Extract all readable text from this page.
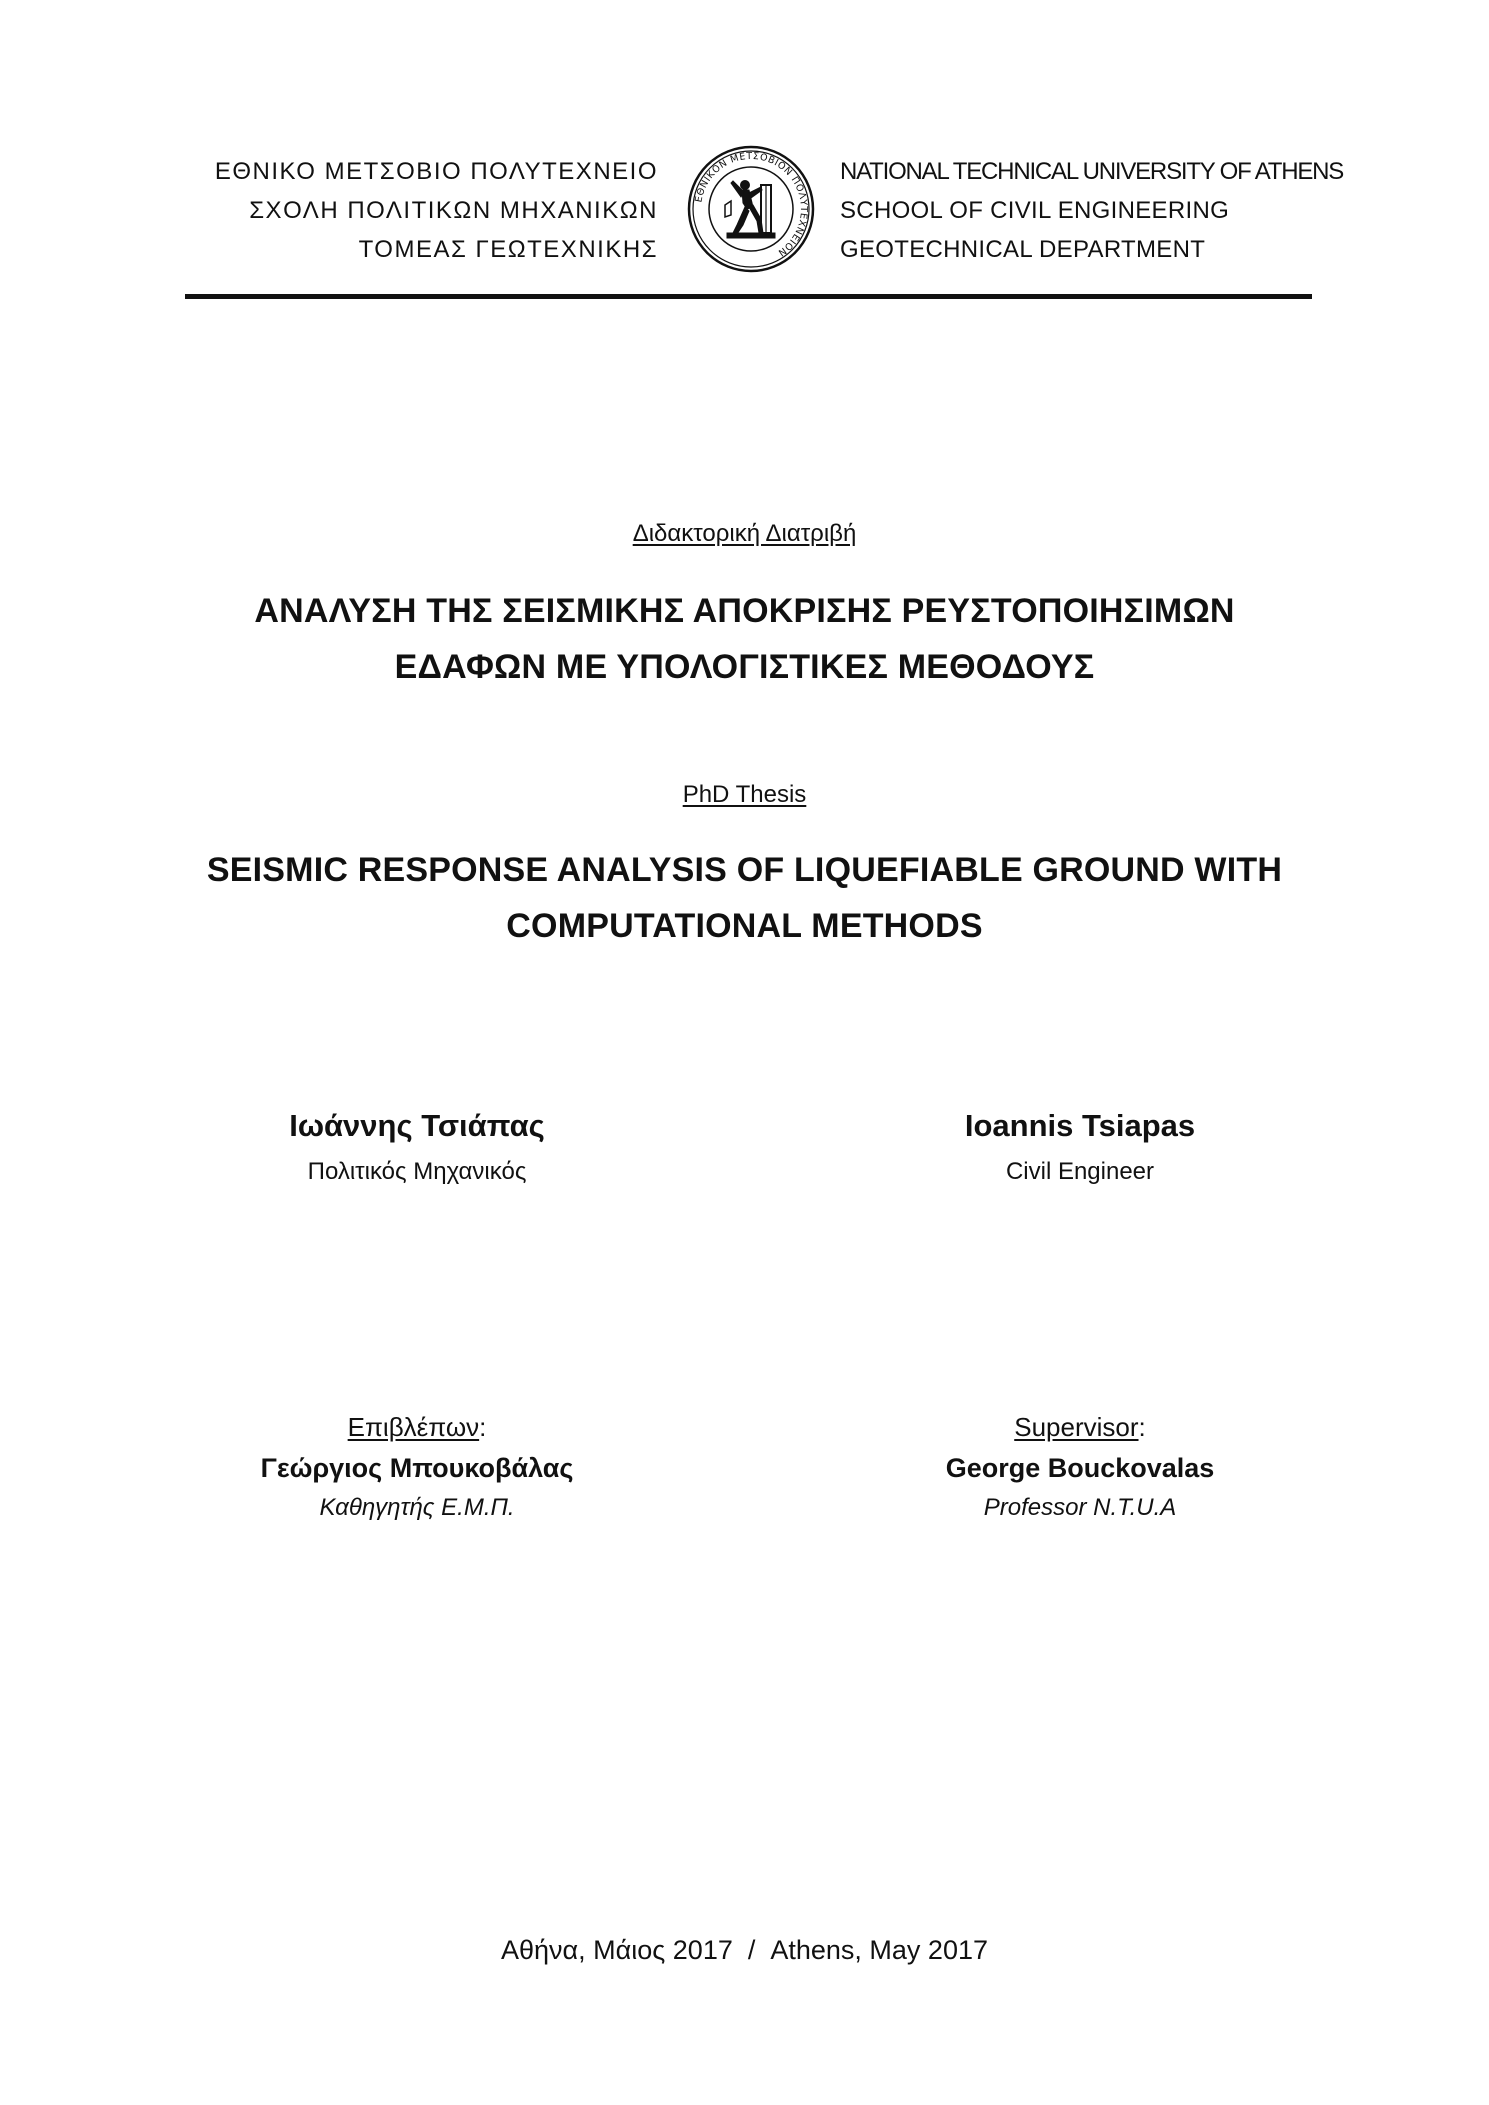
ΕΘΝΙΚΟ ΜΕΤΣΟΒΙΟ ΠΟΛΥΤΕΧΝΕΙΟ
ΣΧΟΛΗ ΠΟΛΙΤΙΚΩΝ ΜΗΧΑΝΙΚΩΝ
ΤΟΜΕΑΣ ΓΕΩΤΕΧΝΙΚΗΣ
ΕΘΝΙΚΟΝ ΜΕΤΣΟΒΙΟΝ ΠΟΛΥΤΕΧΝΕΙΟΝ
NATIONAL TECHNICAL UNIVERSITY OF ATHENS
SCHOOL OF CIVIL ENGINEERING
GEOTECHNICAL DEPARTMENT
Διδακτορική Διατριβή
ΑΝΑΛΥΣΗ ΤΗΣ ΣΕΙΣΜΙΚΗΣ ΑΠΟΚΡΙΣΗΣ ΡΕΥΣΤΟΠΟΙΗΣΙΜΩΝ
ΕΔΑΦΩΝ ΜΕ ΥΠΟΛΟΓΙΣΤΙΚΕΣ ΜΕΘΟΔΟΥΣ
PhD Thesis
SEISMIC RESPONSE ANALYSIS OF LIQUEFIABLE GROUND WITH
COMPUTATIONAL METHODS
Ιωάννης Τσιάπας
Πολιτικός Μηχανικός
Ioannis Tsiapas
Civil Engineer
Επιβλέπων:
Γεώργιος Μπουκοβάλας
Καθηγητής Ε.Μ.Π.
Supervisor:
George Bouckovalas
Professor N.T.U.A
Αθήνα, Μάιος 2017  /  Athens, May 2017
